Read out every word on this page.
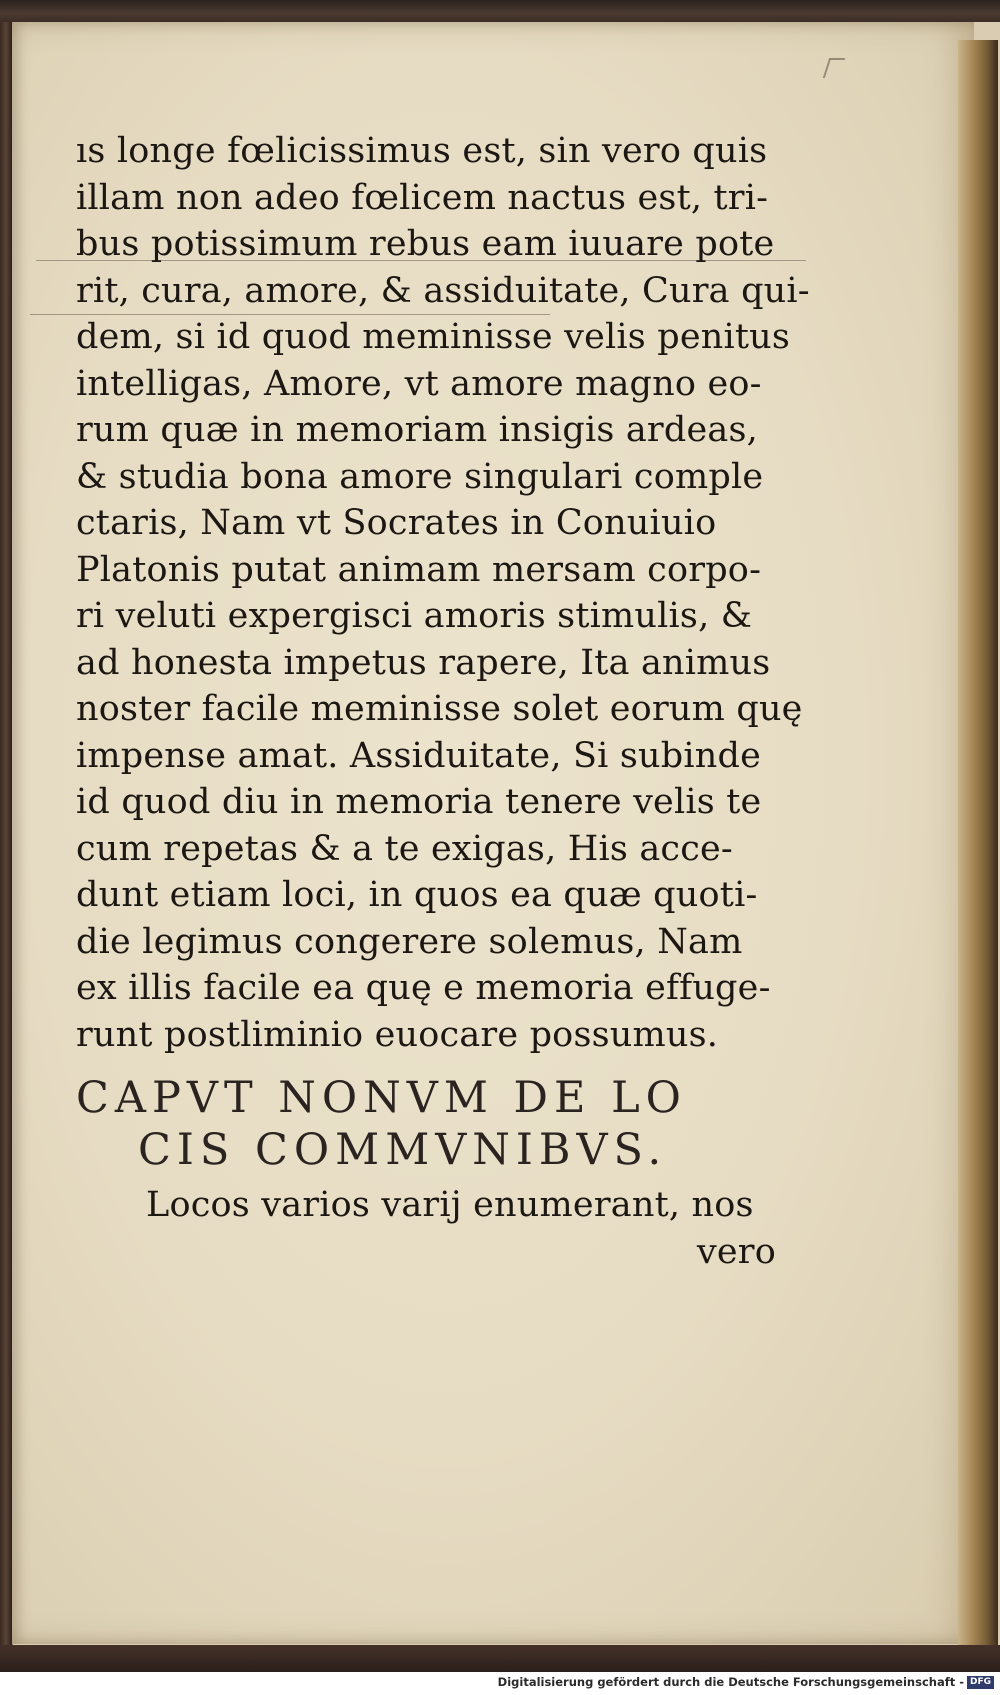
ıs longe fœlicissimus est, sin vero quis
illam non adeo fœlicem nactus est, tri-
bus potissimum rebus eam iuuare pote
rit, cura, amore, & assiduitate, Cura qui-
dem, si id quod meminisse velis penitus
intelligas, Amore, vt amore magno eo-
rum quæ in memoriam insigis ardeas,
& studia bona amore singulari comple
ctaris, Nam vt Socrates in Conuiuio
Platonis putat animam mersam corpo-
ri veluti expergisci amoris stimulis, &
ad honesta impetus rapere, Ita animus
noster facile meminisse solet eorum quę
impense amat. Assiduitate, Si subinde
id quod diu in memoria tenere velis te
cum repetas & a te exigas, His acce-
dunt etiam loci, in quos ea quæ quoti-
die legimus congerere solemus, Nam
ex illis facile ea quę e memoria effuge-
runt postliminio euocare possumus.
CAPVT NONVM DE LO
CIS COMMVNIBVS.
Locos varios varij enumerant, nos
vero
Digitalisierung gefördert durch die Deutsche Forschungsgemeinschaft - DFG
